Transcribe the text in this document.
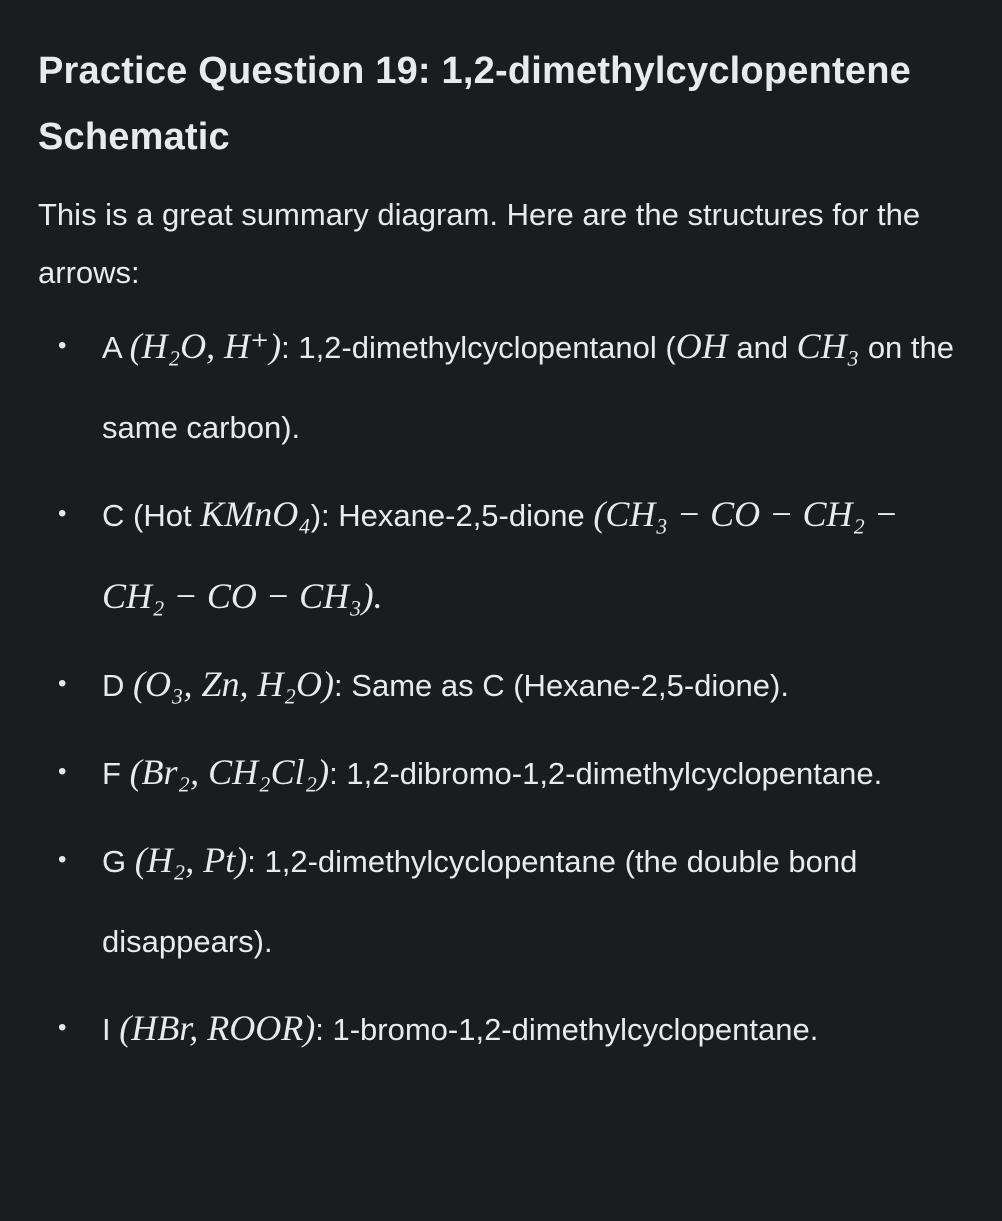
Practice Question 19: 1,2-dimethylcyclopentene Schematic

This is a great summary diagram. Here are the structures for the arrows:

• A (H₂O, H⁺): 1,2-dimethylcyclopentanol (OH and CH₃ on the same carbon).
• C (Hot KMnO₄): Hexane-2,5-dione (CH₃ − CO − CH₂ − CH₂ − CO − CH₃).
• D (O₃, Zn, H₂O): Same as C (Hexane-2,5-dione).
• F (Br₂, CH₂Cl₂): 1,2-dibromo-1,2-dimethylcyclopentane.
• G (H₂, Pt): 1,2-dimethylcyclopentane (the double bond disappears).
• I (HBr, ROOR): 1-bromo-1,2-dimethylcyclopentane.
